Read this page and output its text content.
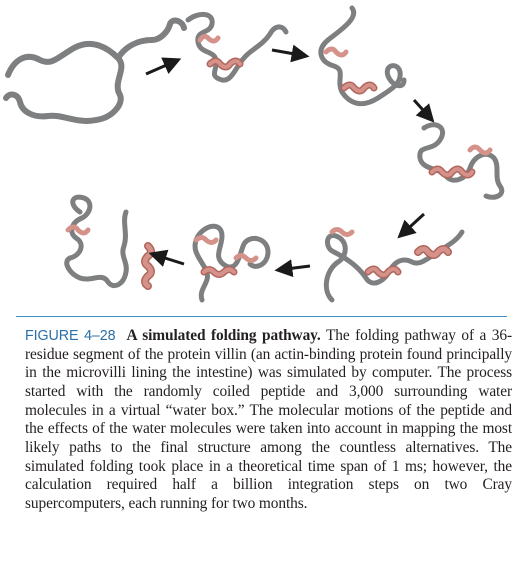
FIGURE 4–28 A simulated folding pathway. The folding pathway of a 36-residue segment of the protein villin (an actin-binding protein found principally in the microvilli lining the intestine) was simulated by computer. The process started with the randomly coiled peptide and 3,000 surrounding water molecules in a virtual “water box.” The molecular motions of the peptide and the effects of the water molecules were taken into account in mapping the most likely paths to the final structure among the countless alternatives. The simulated folding took place in a theoretical time span of 1 ms; however, the calculation required half a billion integration steps on two Cray supercomputers, each running for two months.
